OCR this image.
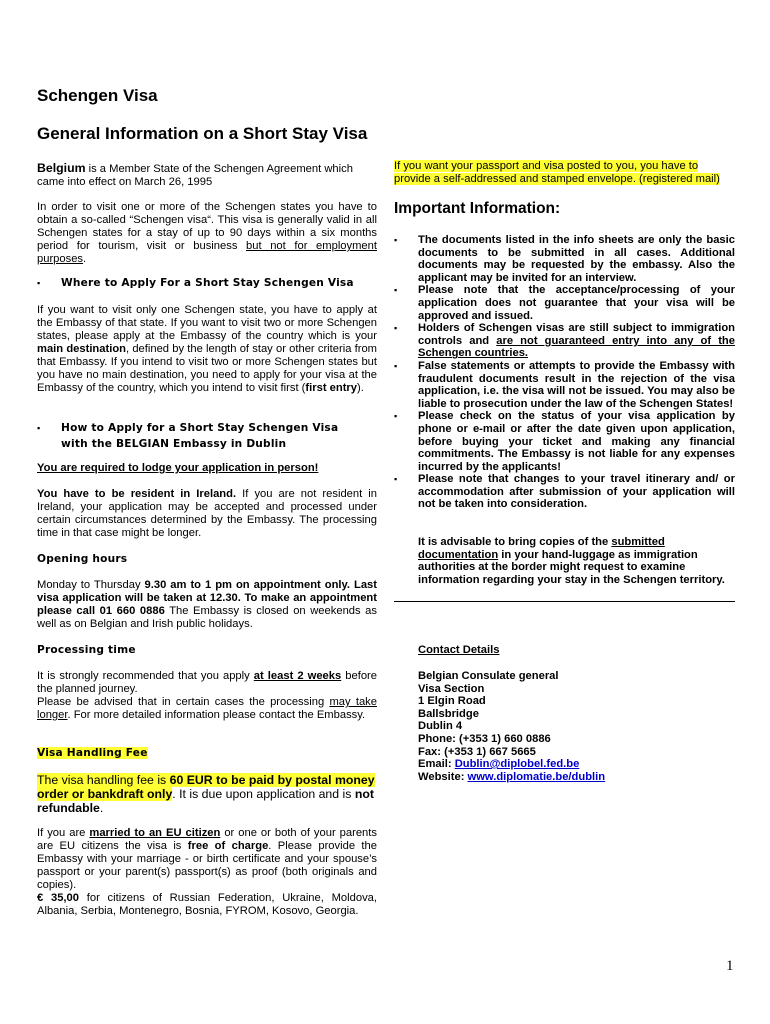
Schengen Visa
General Information on a Short Stay Visa
Belgium is a Member State of the Schengen Agreement which came into effect on March 26, 1995
In order to visit one or more of the Schengen states you have to obtain a so-called “Schengen visa“. This visa is generally valid in all Schengen states for a stay of up to 90 days within a six months period for tourism, visit or business but not for employment purposes.
▪ Where to Apply For a Short Stay Schengen Visa
If you want to visit only one Schengen state, you have to apply at the Embassy of that state. If you want to visit two or more Schengen states, please apply at the Embassy of the country which is your main destination, defined by the length of stay or other criteria from that Embassy. If you intend to visit two or more Schengen states but you have no main destination, you need to apply for your visa at the Embassy of the country, which you intend to visit first (first entry).
▪ How to Apply for a Short Stay Schengen Visa
with the BELGIAN Embassy in Dublin
You are required to lodge your application in person!
You have to be resident in Ireland. If you are not resident in Ireland, your application may be accepted and processed under certain circumstances determined by the Embassy. The processing time in that case might be longer.
Opening hours
Monday to Thursday 9.30 am to 1 pm on appointment only. Last visa application will be taken at 12.30. To make an appointment please call 01 660 0886 The Embassy is closed on weekends as well as on Belgian and Irish public holidays.
Processing time
It is strongly recommended that you apply at least 2 weeks before the planned journey.
Please be advised that in certain cases the processing may take longer. For more detailed information please contact the Embassy.
Visa Handling Fee
The visa handling fee is 60 EUR to be paid by postal money order or bankdraft only. It is due upon application and is not refundable.
If you are married to an EU citizen or one or both of your parents are EU citizens the visa is free of charge. Please provide the Embassy with your marriage - or birth certificate and your spouse’s passport or your parent(s) passport(s) as proof (both originals and copies).
€ 35,00 for citizens of Russian Federation, Ukraine, Moldova, Albania, Serbia, Montenegro, Bosnia, FYROM, Kosovo, Georgia.
If you want your passport and visa posted to you, you have to provide a self-addressed and stamped envelope. (registered mail)
Important Information:
▪ The documents listed in the info sheets are only the basic documents to be submitted in all cases. Additional documents may be requested by the embassy. Also the applicant may be invited for an interview.
▪ Please note that the acceptance/processing of your application does not guarantee that your visa will be approved and issued.
▪ Holders of Schengen visas are still subject to immigration controls and are not guaranteed entry into any of the Schengen countries.
▪ False statements or attempts to provide the Embassy with fraudulent documents result in the rejection of the visa application, i.e. the visa will not be issued. You may also be liable to prosecution under the law of the Schengen States!
▪ Please check on the status of your visa application by phone or e-mail or after the date given upon application, before buying your ticket and making any financial commitments. The Embassy is not liable for any expenses incurred by the applicants!
▪ Please note that changes to your travel itinerary and/ or accommodation after submission of your application will not be taken into consideration.
It is advisable to bring copies of the submitted documentation in your hand-luggage as immigration authorities at the border might request to examine information regarding your stay in the Schengen territory.
Contact Details
Belgian Consulate general
Visa Section
1 Elgin Road
Ballsbridge
Dublin 4
Phone: (+353 1) 660 0886
Fax: (+353 1) 667 5665
Email: Dublin@diplobel.fed.be
Website: www.diplomatie.be/dublin
1
